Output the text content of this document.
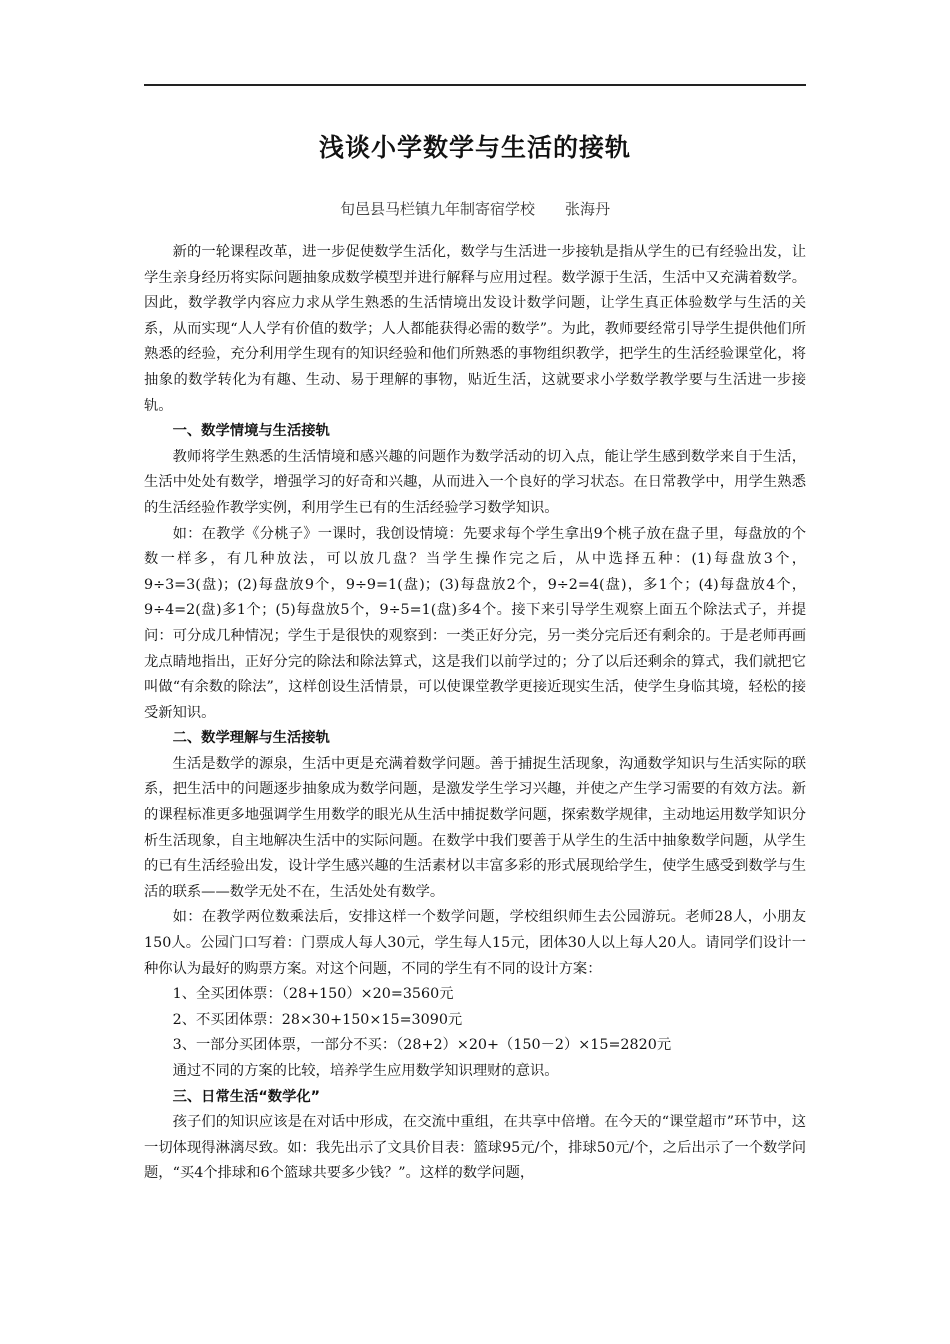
浅谈小学数学与生活的接轨
旬邑县马栏镇九年制寄宿学校 张海丹

新的一轮课程改革，进一步促使数学生活化，数学与生活进一步接轨是指从学生的已有经验出发，让学生亲身经历将实际问题抽象成数学模型并进行解释与应用过程。数学源于生活，生活中又充满着数学。因此，数学教学内容应力求从学生熟悉的生活情境出发设计数学问题，让学生真正体验数学与生活的关系，从而实现“人人学有价值的数学；人人都能获得必需的数学”。为此，教师要经常引导学生提供他们所熟悉的经验，充分利用学生现有的知识经验和他们所熟悉的事物组织教学，把学生的生活经验课堂化，将抽象的数学转化为有趣、生动、易于理解的事物，贴近生活，这就要求小学数学教学要与生活进一步接轨。

一、数学情境与生活接轨

教师将学生熟悉的生活情境和感兴趣的问题作为数学活动的切入点，能让学生感到数学来自于生活，生活中处处有数学，增强学习的好奇和兴趣，从而进入一个良好的学习状态。在日常教学中，用学生熟悉的生活经验作教学实例，利用学生已有的生活经验学习数学知识。

如：在教学《分桃子》一课时，我创设情境：先要求每个学生拿出9个桃子放在盘子里，每盘放的个数一样多，有几种放法，可以放几盘？当学生操作完之后，从中选择五种：(1)每盘放3个，9÷3=3(盘)；(2)每盘放9个，9÷9=1(盘)；(3)每盘放2个，9÷2=4(盘)，多1个；(4)每盘放4个，9÷4=2(盘)多1个；(5)每盘放5个，9÷5=1(盘)多4个。接下来引导学生观察上面五个除法式子，并提问：可分成几种情况；学生于是很快的观察到：一类正好分完，另一类分完后还有剩余的。于是老师再画龙点睛地指出，正好分完的除法和除法算式，这是我们以前学过的；分了以后还剩余的算式，我们就把它叫做“有余数的除法”，这样创设生活情景，可以使课堂教学更接近现实生活，使学生身临其境，轻松的接受新知识。

二、数学理解与生活接轨

生活是数学的源泉，生活中更是充满着数学问题。善于捕捉生活现象，沟通数学知识与生活实际的联系，把生活中的问题逐步抽象成为数学问题，是激发学生学习兴趣，并使之产生学习需要的有效方法。新的课程标准更多地强调学生用数学的眼光从生活中捕捉数学问题，探索数学规律，主动地运用数学知识分析生活现象，自主地解决生活中的实际问题。在数学中我们要善于从学生的生活中抽象数学问题，从学生的已有生活经验出发，设计学生感兴趣的生活素材以丰富多彩的形式展现给学生，使学生感受到数学与生活的联系——数学无处不在，生活处处有数学。

如：在教学两位数乘法后，安排这样一个数学问题，学校组织师生去公园游玩。老师28人，小朋友150人。公园门口写着：门票成人每人30元，学生每人15元，团体30人以上每人20人。请同学们设计一种你认为最好的购票方案。对这个问题，不同的学生有不同的设计方案：

1、全买团体票：（28+150）×20=3560元

2、不买团体票：28×30+150×15=3090元

3、一部分买团体票，一部分不买：（28+2）×20+（150－2）×15=2820元

通过不同的方案的比较，培养学生应用数学知识理财的意识。

三、日常生活“数学化”

孩子们的知识应该是在对话中形成，在交流中重组，在共享中倍增。在今天的“课堂超市”环节中，这一切体现得淋漓尽致。如：我先出示了文具价目表：篮球95元/个，排球50元/个，之后出示了一个数学问题，“买4个排球和6个篮球共要多少钱？”。这样的数学问题，
